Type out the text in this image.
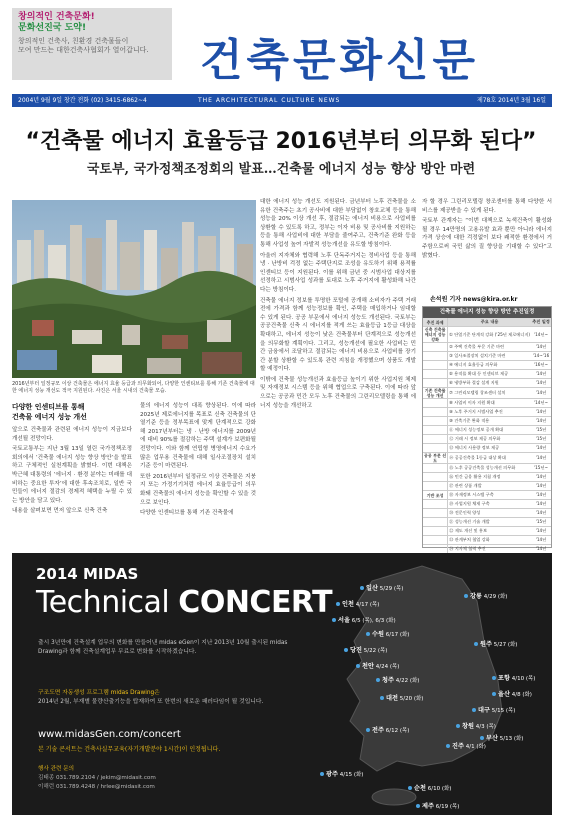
창의적인 건축문화!
문화선진국 도약!
창의적인 건축사, 친환경 건축물들이
모여 만드는 대한건축사협회가 열어갑니다.	건축문화신문
2004년 9월 9일 창간 전화 (02) 3415-6862~4	THE ARCHITECTURAL CULTURE NEWS	제78호 2014년 3월 16일
“건축물 에너지 효율등급 2016년부터 의무화 된다”
국토부, 국가정책조정회의 발표…건축물 에너지 성능 향상 방안 마련
2016년부터 일정규모 이상 건축물은 에너지 효율 등급과 의무화되어, 다양한 인센티브를 통해 기존 건축물에 대한 에너지 성능 개선도 적극 지원된다. 사진은 서울 시내의 건축물 모습.
다양한 인센티브를 통해
건축물 에너지 성능 개선

앞으로 건축물과 관련된 에너지 성능이 지금보다 개선될 전망이다.

국토교통부는 지난 3월 13일 열린 국가정책조정회의에서 ‘건축물 에너지 성능 향상 방안’을 발표하고 구체적인 실천계획을 밝혔다. 이번 대책은 박근혜 대통령의 ‘에너지 · 환경 분야는 미래를 대비하는 중요한 투자’에 대한 후속조치로, 일반 국민들이 에너지 절감의 경제적 혜택을 누릴 수 있는 방안을 담고 있다.

내용을 살펴보면 먼저 앞으로 신축 건축

물의 에너지 성능이 대폭 향상된다. 이에 따라 2025년 제로에너지를 목표로 신축 건축물의 단열기준 등을 정부목표에 맞게 단계적으로 강화해 2017년부터는 냉 · 난방 에너지를 2009년에 대비 90%를 절감하는 주택 설계가 보편화될 전망이다. 이와 함께 연립형 병영에너지 수요가 많은 업무용 건축물에 대해 일사조절장치 설치 기준 등이 마련된다.

또한 2016년부터 일정규모 이상 건축물은 지붕지 또는 가정기기처럼 에너지 효율등급이 의무화돼 건축물의 에너지 성능을 확인할 수 있을 것으로 보인다.

다양한 인센티브를 통해 기존 건축물에

대한 에너지 성능 개선도 지원된다. 금년부터 노후 건축물을 소유한 건축주는 초기 공사비에 대한 부담없이 창호교체 등을 통해 성능을 20% 이상 개선 후, 절감되는 에너지 비용으로 사업비를 상환할 수 있도록 하고, 정부는 이자 비용 및 공사비를 지원하는 등을 통해 사업비에 대한 부담을 줄여주고, 건축기준 완화 등을 통해 사업성 높여 자발적 성능개선을 유도할 방침이다.

아울러 지자체와 협력해 노후 단독주거지는 정비사업 등을 통해 냉 · 난방비 걱정 없는 주택단지로 조성을 유도하기 위해 용적률 인센티브 등이 지원된다. 이를 위해 금년 중 시범사업 대상지를 선정하고 시범사업 성과를 토대로 노후 주거지에 활성화해 나간다는 방침이다.

건축물 에너지 정보를 투명한 포털에 공개해 소비자가 주택 거래 전에 가격과 함께 성능정보를 확인, 주택을 매입하거나 임대할 수 있게 된다. 공공 부문에서 에너지 성능도 개선된다. 국토부는 공공건축물 신축 시 에너지를 적게 쓰는 효율등급 1등급 대상을 확대하고, 에너지 성능이 낮은 건축물부터 단계적으로 성능개선을 의무화할 계획이다. 그리고, 성능개선에 필요한 사업비는 민간 금융에서 조달하고 절감되는 에너지 비용으로 사업비를 장기간 분할 상환할 수 있도록 관련 지침을 개정했으며 상품도 개발할 예정이다.

이밖에 건축물 성능개선과 효율등급 높이기 위한 사업지원 체제 및 자재정보 시스템 등을 위해 협업으로 구축된다. 이에 따라 앞으로는 공공과 민간 모두 노후 건축물의 그린리모델링을 통해 에너지 성능을 개선하고

자 할 경우 그린리모델링 창조센터를 통해 다양한 서비스를 제공받을 수 있게 된다.

국토부 관계자는 “이번 대책으로 녹색건축이 활성화 될 경우 14만명의 고용유발 효과 뿐만 아니라 에너지가격 상승에 대한 걱정없이 보다 쾌적한 환경에서 거주함으로써 국민 삶의 질 향상을 기대할 수 있다”고 밝혔다.

손석원 기자 news@kira.or.kr
건축물 에너지 성능 향상 방안 추진일정
추진 과제	주요 내용	추진 일정
신축 건축물 에너지 성능 강화	① 단열기준 단계적 강화 ('25년 제로에너지)	'14년~
	② 주택 건축물 부문 기준 마련	'14년
	③ 일사조절장치 설치기준 마련	'14~'16
	④ 에너지 효율등급 의무화	'16년~
	⑤ 용적률 확대 등 인센티브 제공	'14년
	⑥ 냉방부하 절감 설계 지원	'14년
기존 건축물 성능 개선	⑦ 그린리모델링 창조센터 설치	'14년
	⑧ 사업비 이자 지원 확대	'14년~
	⑨ 노후 주거지 시범사업 추진	'14년
	⑩ 건축기준 완화 적용	'14년
	⑪ 에너지 성능정보 공개 확대	'15년
	⑫ 거래 시 정보 제공 의무화	'15년
	⑬ 에너지 사용량 정보 제공	'14년
공공 부문 선도	⑭ 공공건축물 1등급 대상 확대	'14년
	⑮ 노후 공공건축물 성능개선 의무화	'15년~
	⑯ 민간 금융 활용 지침 개정	'14년
	⑰ 관련 상품 개발	'14년
기반 조성	⑱ 자재정보 시스템 구축	'14년
	⑲ 사업지원 체제 구축	'14년
	⑳ 전문인력 양성	'14년
	㉑ 성능개선 기술 개발	'15년
	㉒ 제도 개선 및 홍보	'14년
	㉓ 관계부처 협업 강화	'14년
	㉔ 지자체 협력 추진	'14년

2014 MIDAS
Technical CONCERT
출시 3년만에 건축설계 업무의 변화를 만들어낸 midas eGen이 지난 2013년 10월 출시된 midas Drawing과 함께 건축설계업무 무료로 변화를 시작하겠습니다.
구조도면 자동생성 프로그램 midas Drawing은
2014년 2월, 부재별 물량산출기능을 탑재하여 또 한번의 새로운 패러다임이 될 것입니다.
www.midasGen.com/concert
본 기술 콘서트는 건축사실무교육(자기개발분야 1시간)이 인정됩니다.
행사 관련 문의
김태종 031.789.2104 / jekim@midasit.com
이해런 031.789.4248 / hrlee@midasit.com
일산 5/29 (목)
인천 4/17 (목)
서울 6/5 (목), 6/3 (화)
수원 6/17 (화)
당진 5/22 (목)
천안 4/24 (목)
청주 4/22 (화)
대전 5/20 (화)
전주 6/12 (목)
광주 4/15 (화)
순천 6/10 (화)
제주 6/19 (목)
강릉 4/29 (화)
원주 5/27 (화)
포항 4/10 (목)
울산 4/8 (화)
대구 5/15 (목)
창원 4/3 (목)
부산 5/13 (화)
진주 4/1 (화)
